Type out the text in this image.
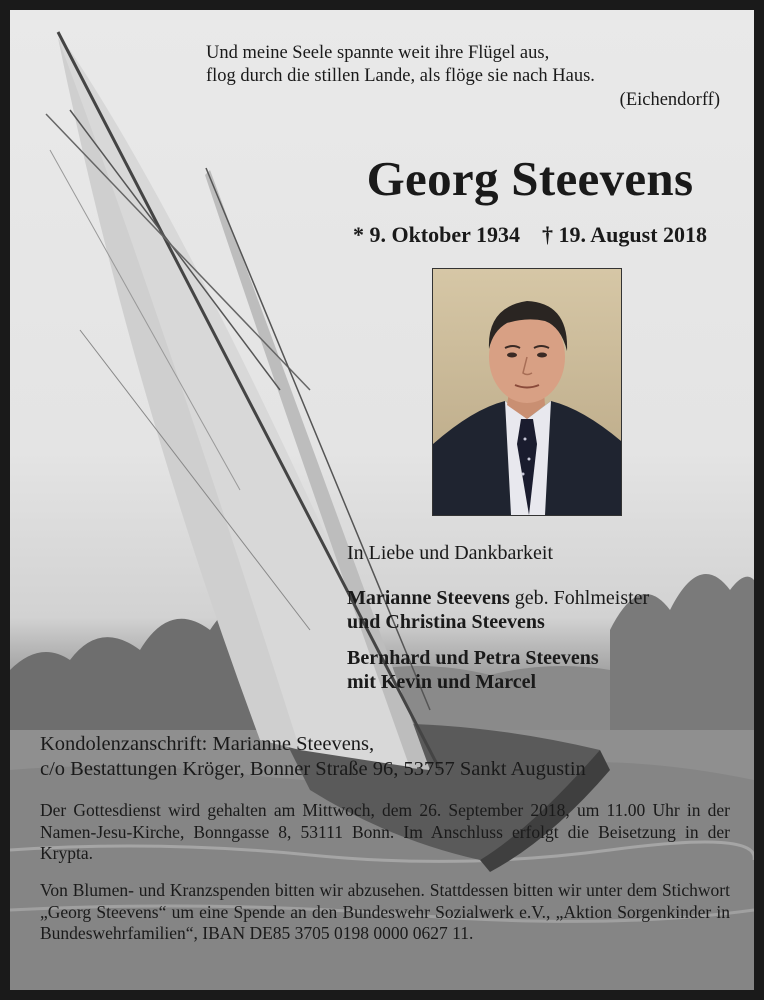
Und meine Seele spannte weit ihre Flügel aus,
flog durch die stillen Lande, als flöge sie nach Haus.

(Eichendorff)

Georg Steevens

* 9. Oktober 1934 † 19. August 2018

In Liebe und Dankbarkeit

Marianne Steevens geb. Fohlmeister
und Christina Steevens
Bernhard und Petra Steevens
mit Kevin und Marcel

Kondolenzanschrift: Marianne Steevens,
c/o Bestattungen Kröger, Bonner Straße 96, 53757 Sankt Augustin

Der Gottesdienst wird gehalten am Mittwoch, dem 26. September 2018, um 11.00 Uhr in der Namen-Jesu-Kirche, Bonngasse 8, 53111 Bonn. Im Anschluss erfolgt die Beisetzung in der Krypta.

Von Blumen- und Kranzspenden bitten wir abzusehen. Stattdessen bitten wir unter dem Stichwort „Georg Steevens“ um eine Spende an den Bundeswehr Sozialwerk e.V., „Aktion Sorgenkinder in Bundeswehrfamilien“, IBAN DE85 3705 0198 0000 0627 11.
